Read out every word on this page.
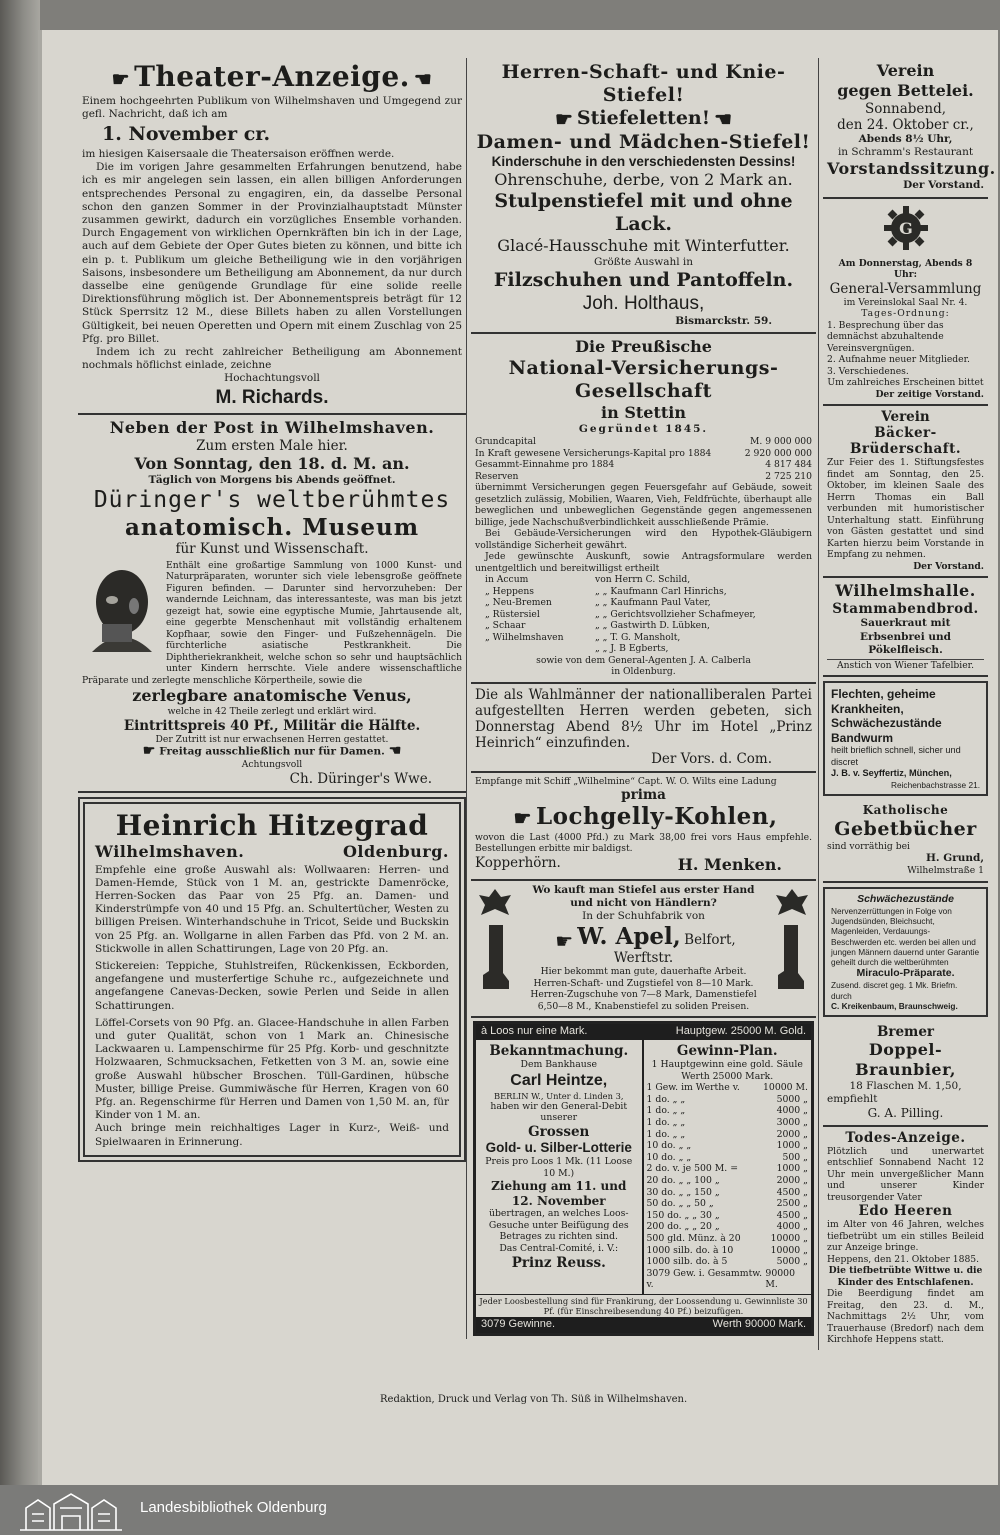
☛ Theater-Anzeige. ☚
Einem hochgeehrten Publikum von Wilhelmshaven und Umgegend zur gefl. Nachricht, daß ich am
1. November cr.
im hiesigen Kaisersaale die Theatersaison eröffnen werde.
Die im vorigen Jahre gesammelten Erfahrungen benutzend, habe ich es mir angelegen sein lassen, ein allen billigen Anforderungen entsprechendes Personal zu engagiren, ein, da dasselbe Personal schon den ganzen Sommer in der Provinzialhauptstadt Münster zusammen gewirkt, dadurch ein vorzügliches Ensemble vorhanden. Durch Engagement von wirklichen Opernkräften bin ich in der Lage, auch auf dem Gebiete der Oper Gutes bieten zu können, und bitte ich ein p. t. Publikum um gleiche Betheiligung wie in den vorjährigen Saisons, insbesondere um Betheiligung am Abonnement, da nur durch dasselbe eine genügende Grundlage für eine solide reelle Direktionsführung möglich ist. Der Abonnementspreis beträgt für 12 Stück Sperrsitz 12 M., diese Billets haben zu allen Vorstellungen Gültigkeit, bei neuen Operetten und Opern mit einem Zuschlag von 25 Pfg. pro Billet.
Indem ich zu recht zahlreicher Betheiligung am Abonnement nochmals höflichst einlade, zeichne
Hochachtungsvoll
M. Richards.
Neben der Post in Wilhelmshaven.
Zum ersten Male hier.
Von Sonntag, den 18. d. M. an.
Täglich von Morgens bis Abends geöffnet.
Düringer's weltberühmtes
anatomisch. Museum
für Kunst und Wissenschaft.
Enthält eine großartige Sammlung von 1000 Kunst- und Naturpräparaten, worunter sich viele lebensgroße geöffnete Figuren befinden. — Darunter sind hervorzuheben: Der wandernde Leichnam, das interessanteste, was man bis jetzt gezeigt hat, sowie eine egyptische Mumie, Jahrtausende alt, eine gegerbte Menschenhaut mit vollständig erhaltenem Kopfhaar, sowie den Finger- und Fußzehennägeln. Die fürchterliche asiatische Pestkrankheit. Die Diphtheriekrankheit, welche schon so sehr und hauptsächlich unter Kindern herrschte. Viele andere wissenschaftliche Präparate und zerlegte menschliche Körpertheile, sowie die
zerlegbare anatomische Venus,
welche in 42 Theile zerlegt und erklärt wird.
Eintrittspreis 40 Pf., Militär die Hälfte.
Der Zutritt ist nur erwachsenen Herren gestattet.
☛ Freitag ausschließlich nur für Damen. ☚
Achtungsvoll
Ch. Düringer's Wwe.
Heinrich Hitzegrad
Wilhelmshaven.	Oldenburg.
Empfehle eine große Auswahl als: Wollwaaren: Herren- und Damen-Hemde, Stück von 1 M. an, gestrickte Damenröcke, Herren-Socken das Paar von 25 Pfg. an. Damen- und Kinderstrümpfe von 40 und 15 Pfg. an. Schultertücher, Westen zu billigen Preisen. Winterhandschuhe in Tricot, Seide und Buckskin von 25 Pfg. an. Wollgarne in allen Farben das Pfd. von 2 M. an. Stickwolle in allen Schattirungen, Lage von 20 Pfg. an.
Stickereien: Teppiche, Stuhlstreifen, Rückenkissen, Eckborden, angefangene und musterfertige Schuhe rc., aufgezeichnete und angefangene Canevas-Decken, sowie Perlen und Seide in allen Schattirungen.
Löffel-Corsets von 90 Pfg. an. Glacee-Handschuhe in allen Farben und guter Qualität, schon von 1 Mark an. Chinesische Lackwaaren u. Lampenschirme für 25 Pfg. Korb- und geschnitzte Holzwaaren, Schmucksachen, Fetketten von 3 M. an, sowie eine große Auswahl hübscher Broschen. Tüll-Gardinen, hübsche Muster, billige Preise. Gummiwäsche für Herren, Kragen von 60 Pfg. an. Regenschirme für Herren und Damen von 1,50 M. an, für Kinder von 1 M. an.
Auch bringe mein reichhaltiges Lager in Kurz-, Weiß- und Spielwaaren in Erinnerung.
Herren-Schaft- und Knie-Stiefel!
☛ Stiefeletten! ☚
Damen- und Mädchen-Stiefel!
Kinderschuhe in den verschiedensten Dessins!
Ohrenschuhe, derbe, von 2 Mark an.
Stulpenstiefel mit und ohne Lack.
Glacé-Hausschuhe mit Winterfutter.
Größte Auswahl in
Filzschuhen und Pantoffeln.
Joh. Holthaus,
Bismarckstr. 59.
Die Preußische
National-Versicherungs-Gesellschaft
in Stettin
Gegründet 1845.
Grundcapital	M. 9 000 000
In Kraft gewesene Versicherungs-Kapital pro 1884	2 920 000 000
Gesammt-Einnahme pro 1884	4 817 484
Reserven	2 725 210
übernimmt Versicherungen gegen Feuersgefahr auf Gebäude, soweit gesetzlich zulässig, Mobilien, Waaren, Vieh, Feldfrüchte, überhaupt alle beweglichen und unbeweglichen Gegenstände gegen angemessenen billige, jede Nachschußverbindlichkeit ausschließende Prämie.
Bei Gebäude-Versicherungen wird den Hypothek-Gläubigern vollständige Sicherheit gewährt.
Jede gewünschte Auskunft, sowie Antragsformulare werden unentgeltlich und bereitwilligst ertheilt
in Accum	von Herrn C. Schild,
„ Heppens	„ „ Kaufmann Carl Hinrichs,
„ Neu-Bremen	„ „ Kaufmann Paul Vater,
„ Rüstersiel	„ „ Gerichtsvollzieher Schafmeyer,
„ Schaar	„ „ Gastwirth D. Lübken,
„ Wilhelmshaven	„ „ T. G. Mansholt,
„ „ J. B Egberts,
sowie von dem General-Agenten J. A. Calberla
in Oldenburg.
Die als Wahlmänner der nationalliberalen Partei aufgestellten Herren werden gebeten, sich Donnerstag Abend 8½ Uhr im Hotel „Prinz Heinrich“ einzufinden.
Der Vors. d. Com.
Empfange mit Schiff „Wilhelmine“ Capt. W. O. Wilts eine Ladung
prima
☛ Lochgelly-Kohlen,
wovon die Last (4000 Pfd.) zu Mark 38,00 frei vors Haus empfehle. Bestellungen erbitte mir baldigst.
Kopperhörn.	H. Menken.
Wo kauft man Stiefel aus erster Hand und nicht von Händlern?
In der Schuhfabrik von
☛ W. Apel, Belfort, Werftstr.
Hier bekommt man gute, dauerhafte Arbeit. Herren-Schaft- und Zugstiefel von 8—10 Mark. Herren-Zugschuhe von 7—8 Mark, Damenstiefel 6,50—8 M., Knabenstiefel zu soliden Preisen.
à Loos nur eine Mark.	Hauptgew. 25000 M. Gold.
Bekanntmachung.
Dem Bankhause
Carl Heintze,
BERLIN W., Unter d. Linden 3,
haben wir den General-Debit unserer
Grossen
Gold- u. Silber-Lotterie
Preis pro Loos 1 Mk. (11 Loose 10 M.)
Ziehung am 11. und 12. November
übertragen, an welches Loos-Gesuche unter Beifügung des Betrages zu richten sind.
Das Central-Comité, i. V.:
Prinz Reuss.
Gewinn-Plan.
1 Hauptgewinn eine gold. Säule Werth 25000 Mark.
1 Gew. im Werthe v. 10000 M.
1 do. „ „	5000 „
1 do. „ „	4000 „
1 do. „ „	3000 „
1 do. „ „	2000 „
10 do. „ „	1000 „
10 do. „ „	500 „
2 do. v. je 500 M. =	1000 „
20 do. „ „ 100 „	2000 „
30 do. „ „ 150 „	4500 „
50 do. „ „ 50 „	2500 „
150 do. „ „ 30 „	4500 „
200 do. „ „ 20 „	4000 „
500 gld. Münz. à 20	10000 „
1000 silb. do. à 10	10000 „
1000 silb. do. à 5	5000 „
3079 Gew. i. Gesammtw. v.
90000 M.
Jeder Loosbestellung sind für Frankirung, der Loossendung u. Gewinnliste 30 Pf. (für Einschreibesendung 40 Pf.) beizufügen.
3079 Gewinne.	Werth 90000 Mark.
Verein
gegen Bettelei.
Sonnabend,
den 24. Oktober cr.,
Abends 8½ Uhr,
in Schramm's Restaurant
Vorstandssitzung.
Der Vorstand.
G
Am Donnerstag, Abends 8 Uhr:
General-Versammlung
im Vereinslokal Saal Nr. 4.
Tages-Ordnung:
1. Besprechung über das demnächst abzuhaltende Vereinsvergnügen.
2. Aufnahme neuer Mitglieder.
3. Verschiedenes.
Um zahlreiches Erscheinen bittet
Der zeitige Vorstand.
Verein
Bäcker-Brüderschaft.
Zur Feier des 1. Stiftungsfestes findet am Sonntag, den 25. Oktober, im kleinen Saale des Herrn Thomas ein Ball verbunden mit humoristischer Unterhaltung statt. Einführung von Gästen gestattet und sind Karten hierzu beim Vorstande in Empfang zu nehmen.
Der Vorstand.
Wilhelmshalle.
Stammabendbrod.
Sauerkraut mit Erbsenbrei und Pökelfleisch.
Anstich von Wiener Tafelbier.
Flechten, geheime Krankheiten, Schwächezustände
Bandwurm
heilt brieflich schnell, sicher und discret
J. B. v. Seyffertiz, München,
Reichenbachstrasse 21.
Katholische
Gebetbücher
sind vorräthig bei
H. Grund,
Wilhelmstraße 1
Schwächezustände
Nervenzerrüttungen in Folge von Jugendsünden, Bleichsucht, Magenleiden, Verdauungs-Beschwerden etc. werden bei allen und jungen Männern dauernd unter Garantie geheilt durch die weltberühmten
Miraculo-Präparate.
Zusend. discret geg. 1 Mk. Briefm. durch
C. Kreikenbaum, Braunschweig.
Bremer
Doppel-Braunbier,
18 Flaschen M. 1,50,
empfiehlt
G. A. Pilling.
Todes-Anzeige.
Plötzlich und unerwartet entschlief Sonnabend Nacht 12 Uhr mein unvergeßlicher Mann und unserer Kinder treusorgender Vater
Edo Heeren
im Alter von 46 Jahren, welches tiefbetrübt um ein stilles Beileid zur Anzeige bringe.
Heppens, den 21. Oktober 1885.
Die tiefbetrübte Wittwe u. die Kinder des Entschlafenen.
Die Beerdigung findet am Freitag, den 23. d. M., Nachmittags 2½ Uhr, vom Trauerhause (Bredorf) nach dem Kirchhofe Heppens statt.
Redaktion, Druck und Verlag von Th. Süß in Wilhelmshaven.
Landesbibliothek Oldenburg
